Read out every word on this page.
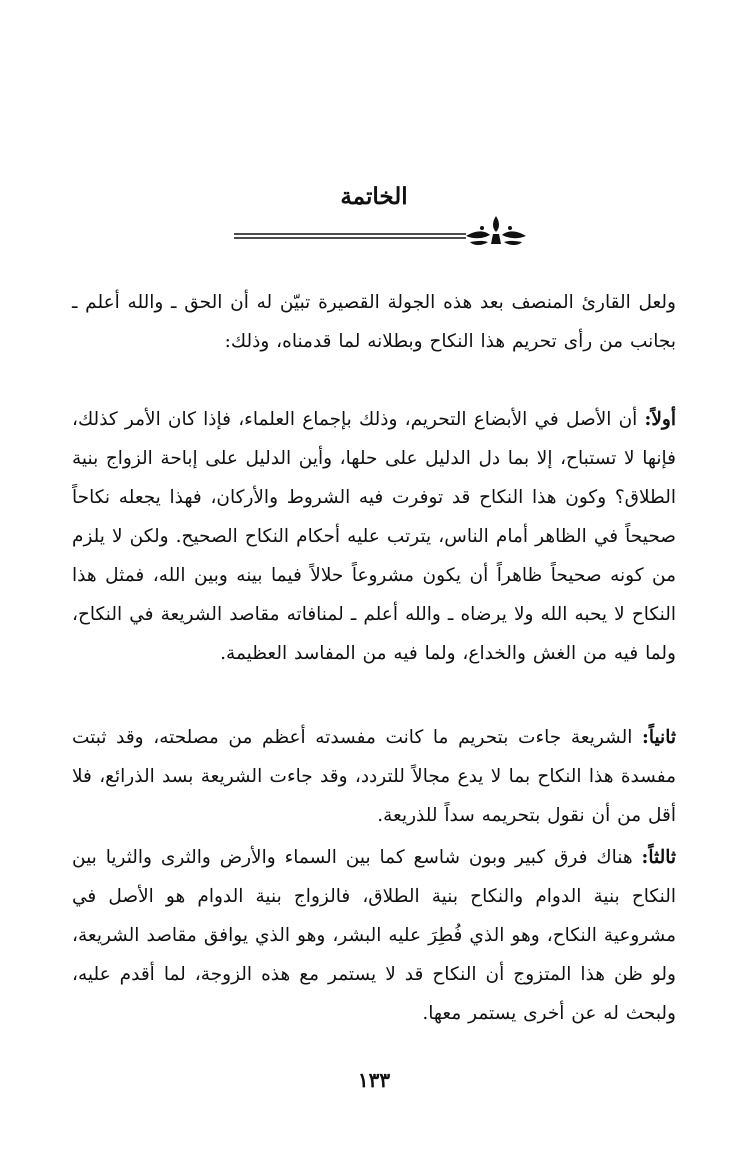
الخاتمة

ولعل القارئ المنصف بعد هذه الجولة القصيرة تبيّن له أن الحق ـ والله أعلم ـ بجانب من رأى تحريم هذا النكاح وبطلانه لما قدمناه، وذلك:

أولاً: أن الأصل في الأبضاع التحريم، وذلك بإجماع العلماء، فإذا كان الأمر كذلك، فإنها لا تستباح، إلا بما دل الدليل على حلها، وأين الدليل على إباحة الزواج بنية الطلاق؟ وكون هذا النكاح قد توفرت فيه الشروط والأركان، فهذا يجعله نكاحاً صحيحاً في الظاهر أمام الناس، يترتب عليه أحكام النكاح الصحيح. ولكن لا يلزم من كونه صحيحاً ظاهراً أن يكون مشروعاً حلالاً فيما بينه وبين الله، فمثل هذا النكاح لا يحبه الله ولا يرضاه ـ والله أعلم ـ لمنافاته مقاصد الشريعة في النكاح، ولما فيه من الغش والخداع، ولما فيه من المفاسد العظيمة.

ثانياً: الشريعة جاءت بتحريم ما كانت مفسدته أعظم من مصلحته، وقد ثبتت مفسدة هذا النكاح بما لا يدع مجالاً للتردد، وقد جاءت الشريعة بسد الذرائع، فلا أقل من أن نقول بتحريمه سداً للذريعة.

ثالثاً: هناك فرق كبير وبون شاسع كما بين السماء والأرض والثرى والثريا بين النكاح بنية الدوام والنكاح بنية الطلاق، فالزواج بنية الدوام هو الأصل في مشروعية النكاح، وهو الذي فُطِرَ عليه البشر، وهو الذي يوافق مقاصد الشريعة، ولو ظن هذا المتزوج أن النكاح قد لا يستمر مع هذه الزوجة، لما أقدم عليه، ولبحث له عن أخرى يستمر معها.

١٣٣
